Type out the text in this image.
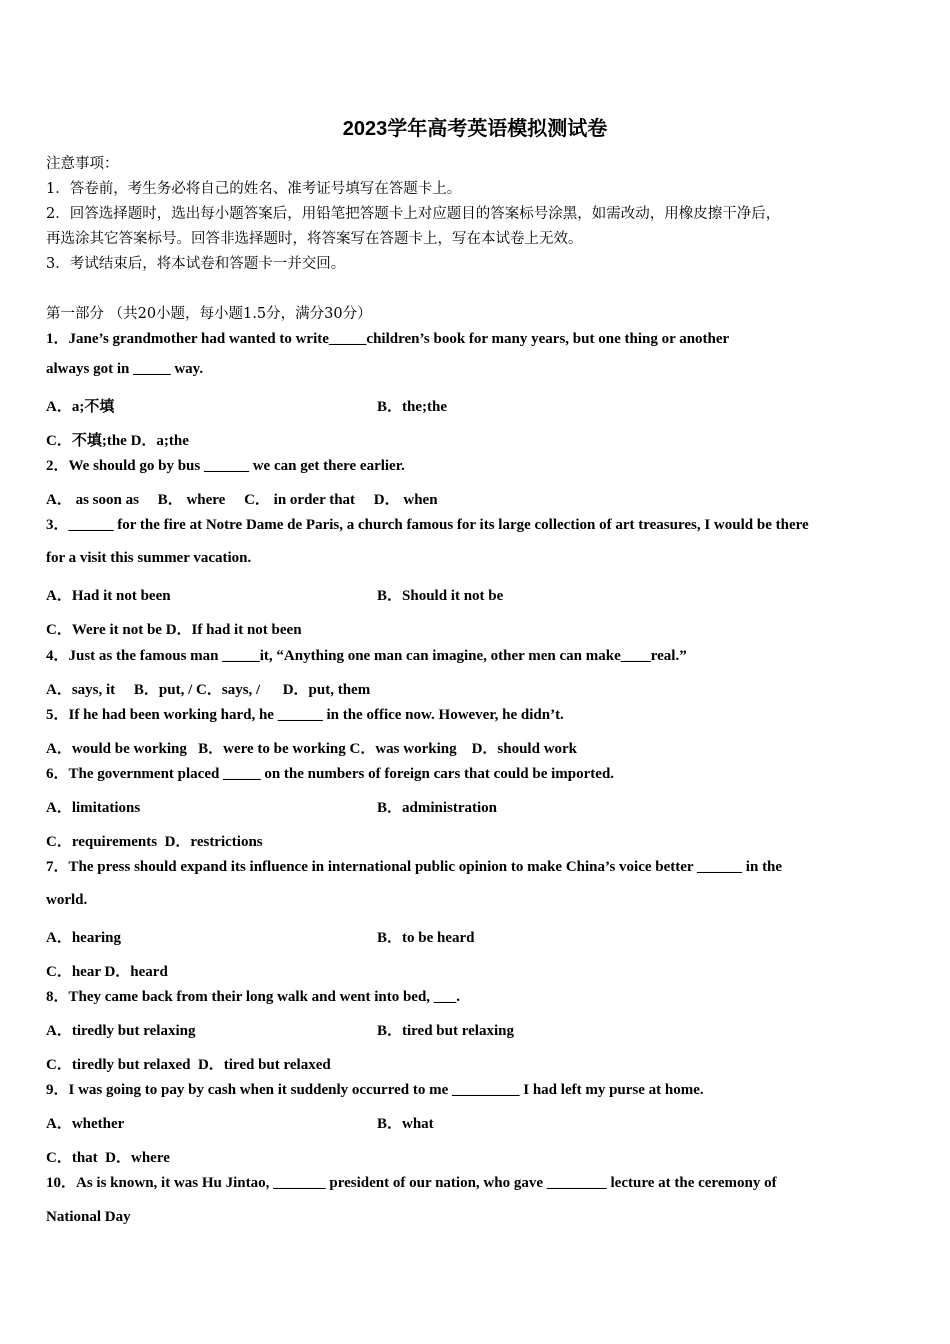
2023学年高考英语模拟测试卷
注意事项：
1．答卷前，考生务必将自己的姓名、准考证号填写在答题卡上。
2．回答选择题时，选出每小题答案后，用铅笔把答题卡上对应题目的答案标号涂黑，如需改动，用橡皮擦干净后，
再选涂其它答案标号。回答非选择题时，将答案写在答题卡上，写在本试卷上无效。
3．考试结束后，将本试卷和答题卡一并交回。
第一部分 （共20小题，每小题1.5分，满分30分）
1．Jane’s grandmother had wanted to write_____children’s book for many years, but one thing or another
always got in _____ way.
A．a;不填	B．the;the
C．不填;the D．a;the
2．We should go by bus ______ we can get there earlier.
A． as soon as     B． where     C． in order that     D． when
3．______ for the fire at Notre Dame de Paris, a church famous for its large collection of art treasures, I would be there
for a visit this summer vacation.
A．Had it not been	B．Should it not be
C．Were it not be D．If had it not been
4．Just as the famous man _____it, “Anything one man can imagine, other men can make____real.”
A．says, it     B．put, / C．says, /      D．put, them
5．If he had been working hard, he ______ in the office now. However, he didn’t.
A．would be working   B．were to be working C．was working    D．should work
6．The government placed _____ on the numbers of foreign cars that could be imported.
A．limitations	B．administration
C．requirements  D．restrictions
7．The press should expand its influence in international public opinion to make China’s voice better ______ in the
world.
A．hearing	B．to be heard
C．hear D．heard
8．They came back from their long walk and went into bed, ___.
A．tiredly but relaxing	B．tired but relaxing
C．tiredly but relaxed  D．tired but relaxed
9．I was going to pay by cash when it suddenly occurred to me _________ I had left my purse at home.
A．whether	B．what
C．that  D．where
10．As is known, it was Hu Jintao, _______ president of our nation, who gave ________ lecture at the ceremony of
National Day
